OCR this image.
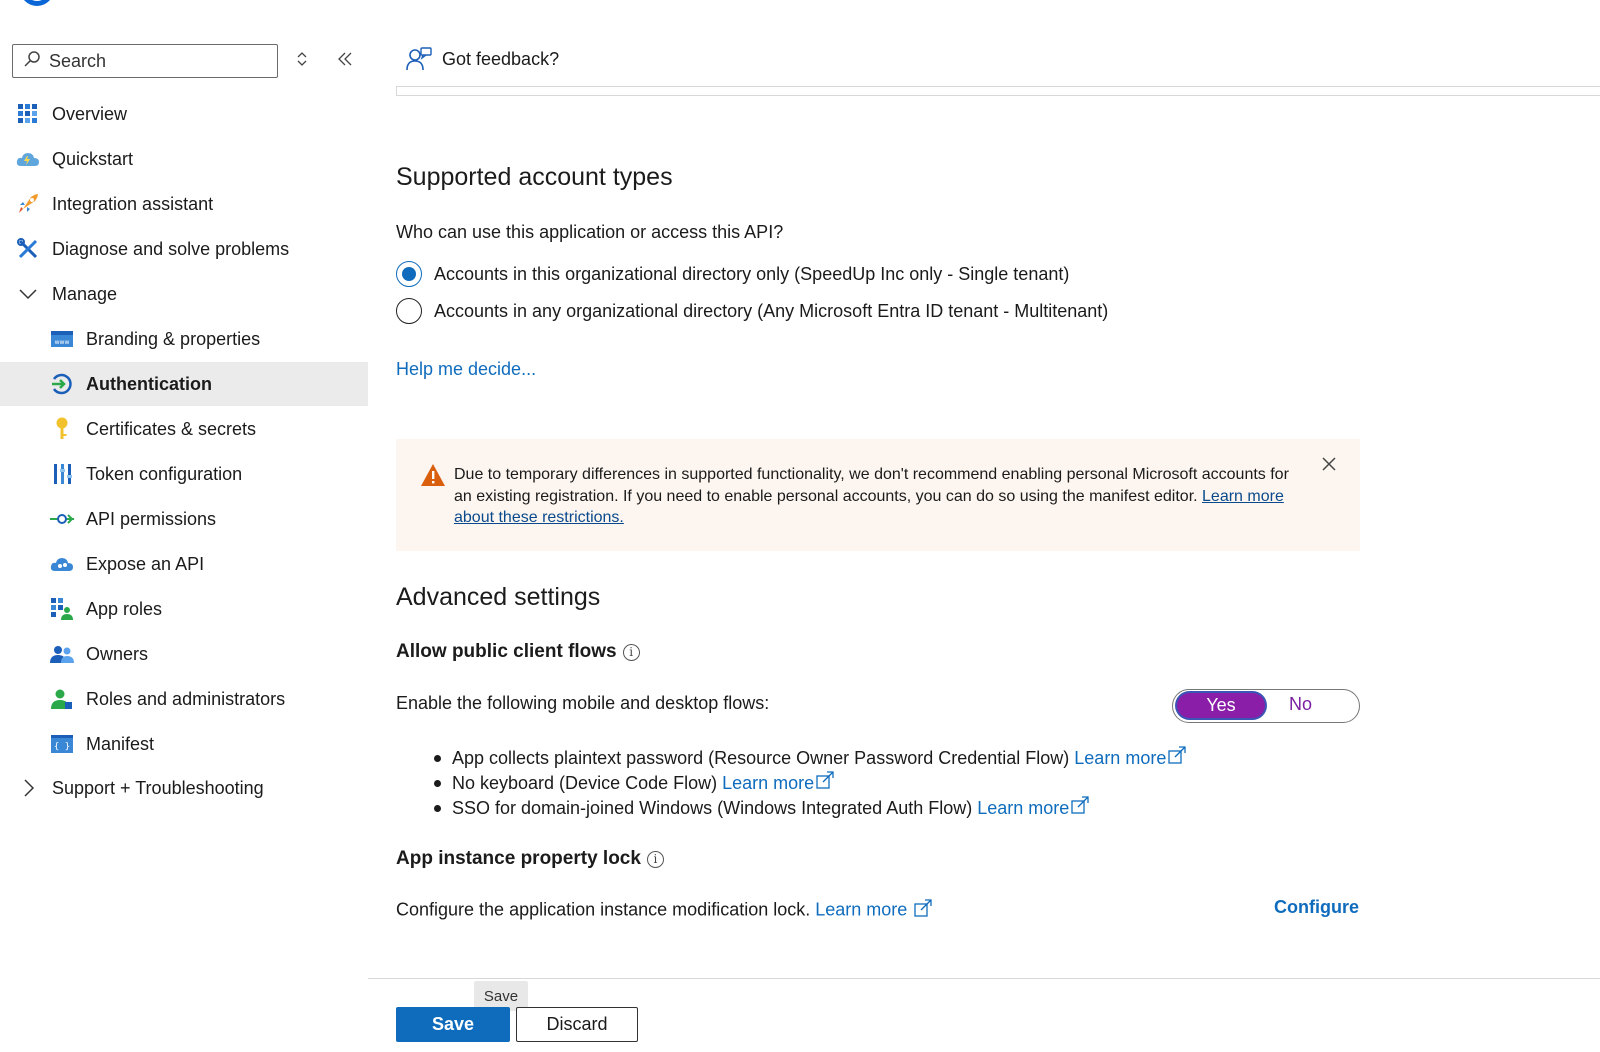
Search
Overview
Quickstart
Integration assistant
Diagnose and solve problems
Manage
www Branding & properties
Authentication
Certificates & secrets
Token configuration
API permissions
Expose an API
App roles
Owners
Roles and administrators
{ } Manifest
Support + Troubleshooting
Got feedback?
Supported account types
Who can use this application or access this API?
Accounts in this organizational directory only (SpeedUp Inc only - Single tenant)
Accounts in any organizational directory (Any Microsoft Entra ID tenant - Multitenant)
Help me decide...
Due to temporary differences in supported functionality, we don't recommend enabling personal Microsoft accounts for an existing registration. If you need to enable personal accounts, you can do so using the manifest editor. Learn more about these restrictions.
Advanced settings
Allow public client flows	i
Enable the following mobile and desktop flows:	Yes	No
App collects plaintext password (Resource Owner Password Credential Flow)
Learn more
No keyboard (Device Code Flow)
Learn more
SSO for domain-joined Windows (Windows Integrated Auth Flow)
Learn more
App instance property lock	i
Configure the application instance modification lock. Learn more	Configure
Save
Save	Discard
